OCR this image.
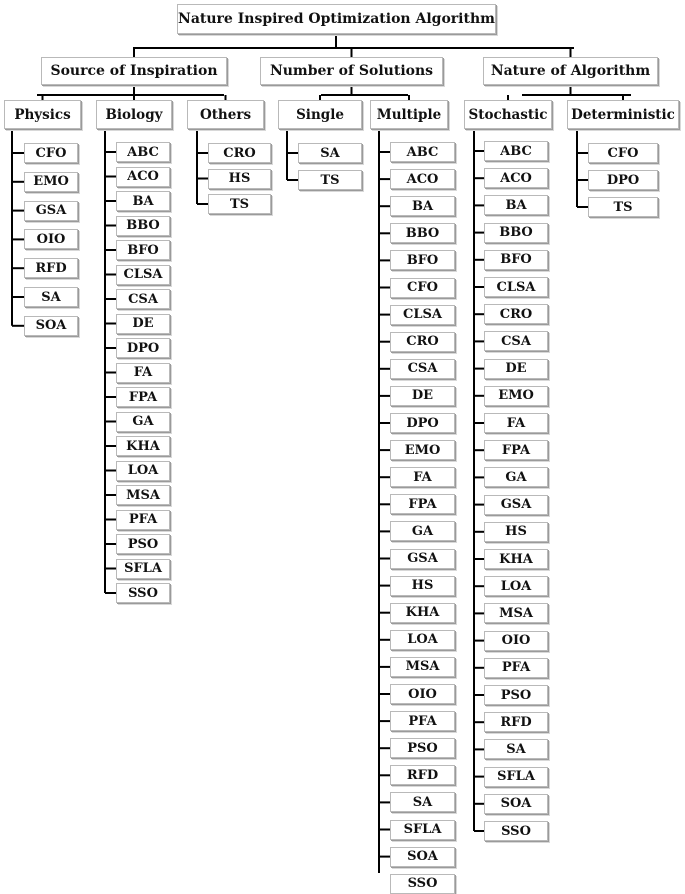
Nature Inspired Optimization Algorithm
Source of Inspiration
Physics
CFO
EMO
GSA
OIO
RFD
SA
SOA
Biology
ABC
ACO
BA
BBO
BFO
CLSA
CSA
DE
DPO
FA
FPA
GA
KHA
LOA
MSA
PFA
PSO
SFLA
SSO
Others
CRO
HS
TS
Number of Solutions
Single
SA
TS
Multiple
ABC
ACO
BA
BBO
BFO
CFO
CLSA
CRO
CSA
DE
DPO
EMO
FA
FPA
GA
GSA
HS
KHA
LOA
MSA
OIO
PFA
PSO
RFD
SA
SFLA
SOA
SSO
Nature of Algorithm
Stochastic
ABC
ACO
BA
BBO
BFO
CLSA
CRO
CSA
DE
EMO
FA
FPA
GA
GSA
HS
KHA
LOA
MSA
OIO
PFA
PSO
RFD
SA
SFLA
SOA
SSO
Deterministic
CFO
DPO
TS
